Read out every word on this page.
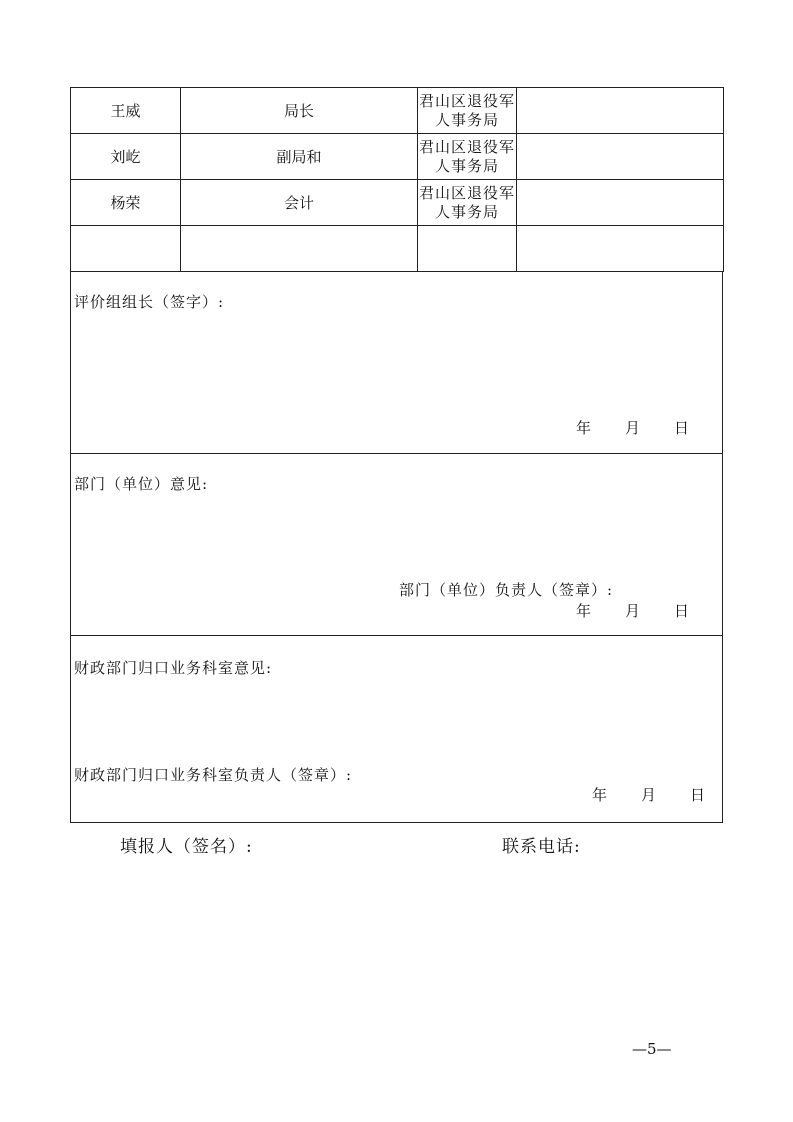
王威	局长	君山区退役军
人事务局	
刘屹	副局和	君山区退役军
人事务局	
杨荣	会计	君山区退役军
人事务局	

评价组组长（签字）:
年 月 日
部门（单位）意见:
部门（单位）负责人（签章）:
年 月 日
财政部门归口业务科室意见:
财政部门归口业务科室负责人（签章）:
年 月 日
填报人（签名）:	联系电话:
—5—
